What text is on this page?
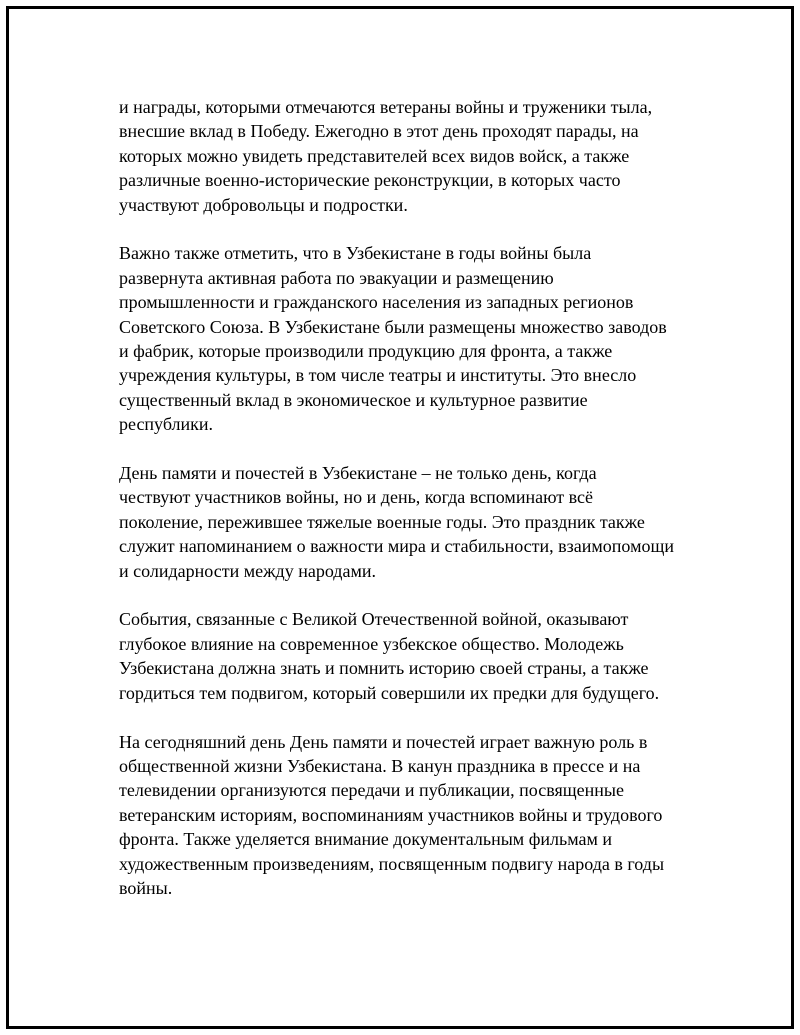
и награды, которыми отмечаются ветераны войны и труженики тыла,
внесшие вклад в Победу. Ежегодно в этот день проходят парады, на
которых можно увидеть представителей всех видов войск, а также
различные военно-исторические реконструкции, в которых часто
участвуют добровольцы и подростки.

Важно также отметить, что в Узбекистане в годы войны была
развернута активная работа по эвакуации и размещению
промышленности и гражданского населения из западных регионов
Советского Союза. В Узбекистане были размещены множество заводов
и фабрик, которые производили продукцию для фронта, а также
учреждения культуры, в том числе театры и институты. Это внесло
существенный вклад в экономическое и культурное развитие
республики.

День памяти и почестей в Узбекистане – не только день, когда
чествуют участников войны, но и день, когда вспоминают всё
поколение, пережившее тяжелые военные годы. Это праздник также
служит напоминанием о важности мира и стабильности, взаимопомощи
и солидарности между народами.

События, связанные с Великой Отечественной войной, оказывают
глубокое влияние на современное узбекское общество. Молодежь
Узбекистана должна знать и помнить историю своей страны, а также
гордиться тем подвигом, который совершили их предки для будущего.

На сегодняшний день День памяти и почестей играет важную роль в
общественной жизни Узбекистана. В канун праздника в прессе и на
телевидении организуются передачи и публикации, посвященные
ветеранским историям, воспоминаниям участников войны и трудового
фронта. Также уделяется внимание документальным фильмам и
художественным произведениям, посвященным подвигу народа в годы
войны.
